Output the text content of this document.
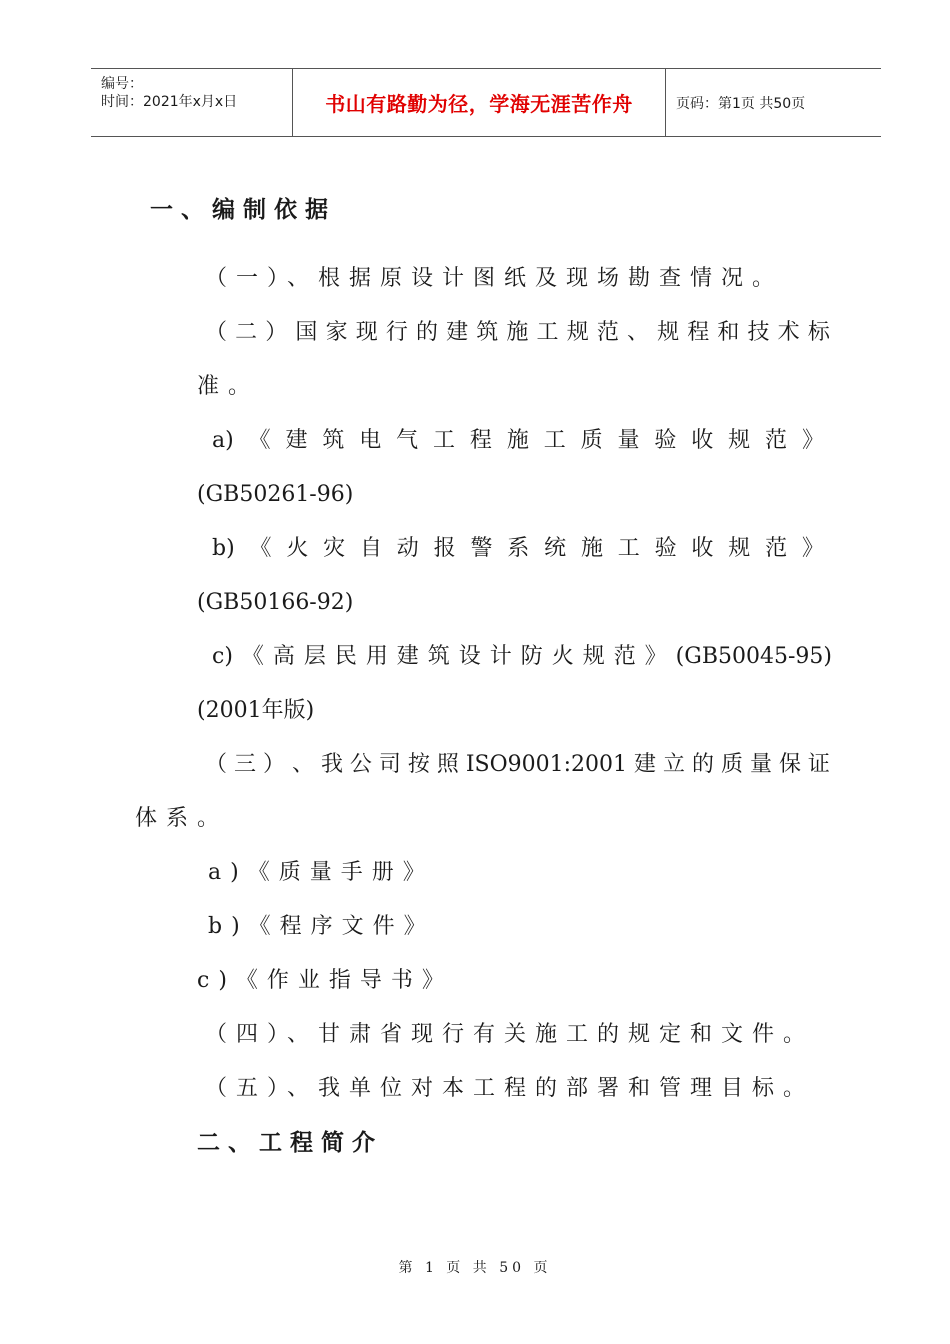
编号：
时间：2021年x月x日	书山有路勤为径，学海无涯苦作舟	页码：第1页 共50页
一、编制依据
（一）、根据原设计图纸及现场勘查情况。
（ 二 ） 国 家 现 行 的 建 筑 施 工 规 范 、 规 程 和 技 术 标
准。
a) 《 建 筑 电 气 工 程 施 工 质 量 验 收 规 范 》
(GB50261-96)
b) 《 火 灾 自 动 报 警 系 统 施 工 验 收 规 范 》
(GB50166-92)
c) 《 高 层 民 用 建 筑 设 计 防 火 规 范 》 (GB50045-95)
(2001年版)
（ 三 ） 、 我 公 司 按 照 ISO9001:2001 建 立 的 质 量 保 证
体系。
a)《质量手册》
b)《程序文件》
c)《作业指导书》
（四）、甘肃省现行有关施工的规定和文件。
（五）、我单位对本工程的部署和管理目标。
二、工程简介
第 1 页 共 50 页
